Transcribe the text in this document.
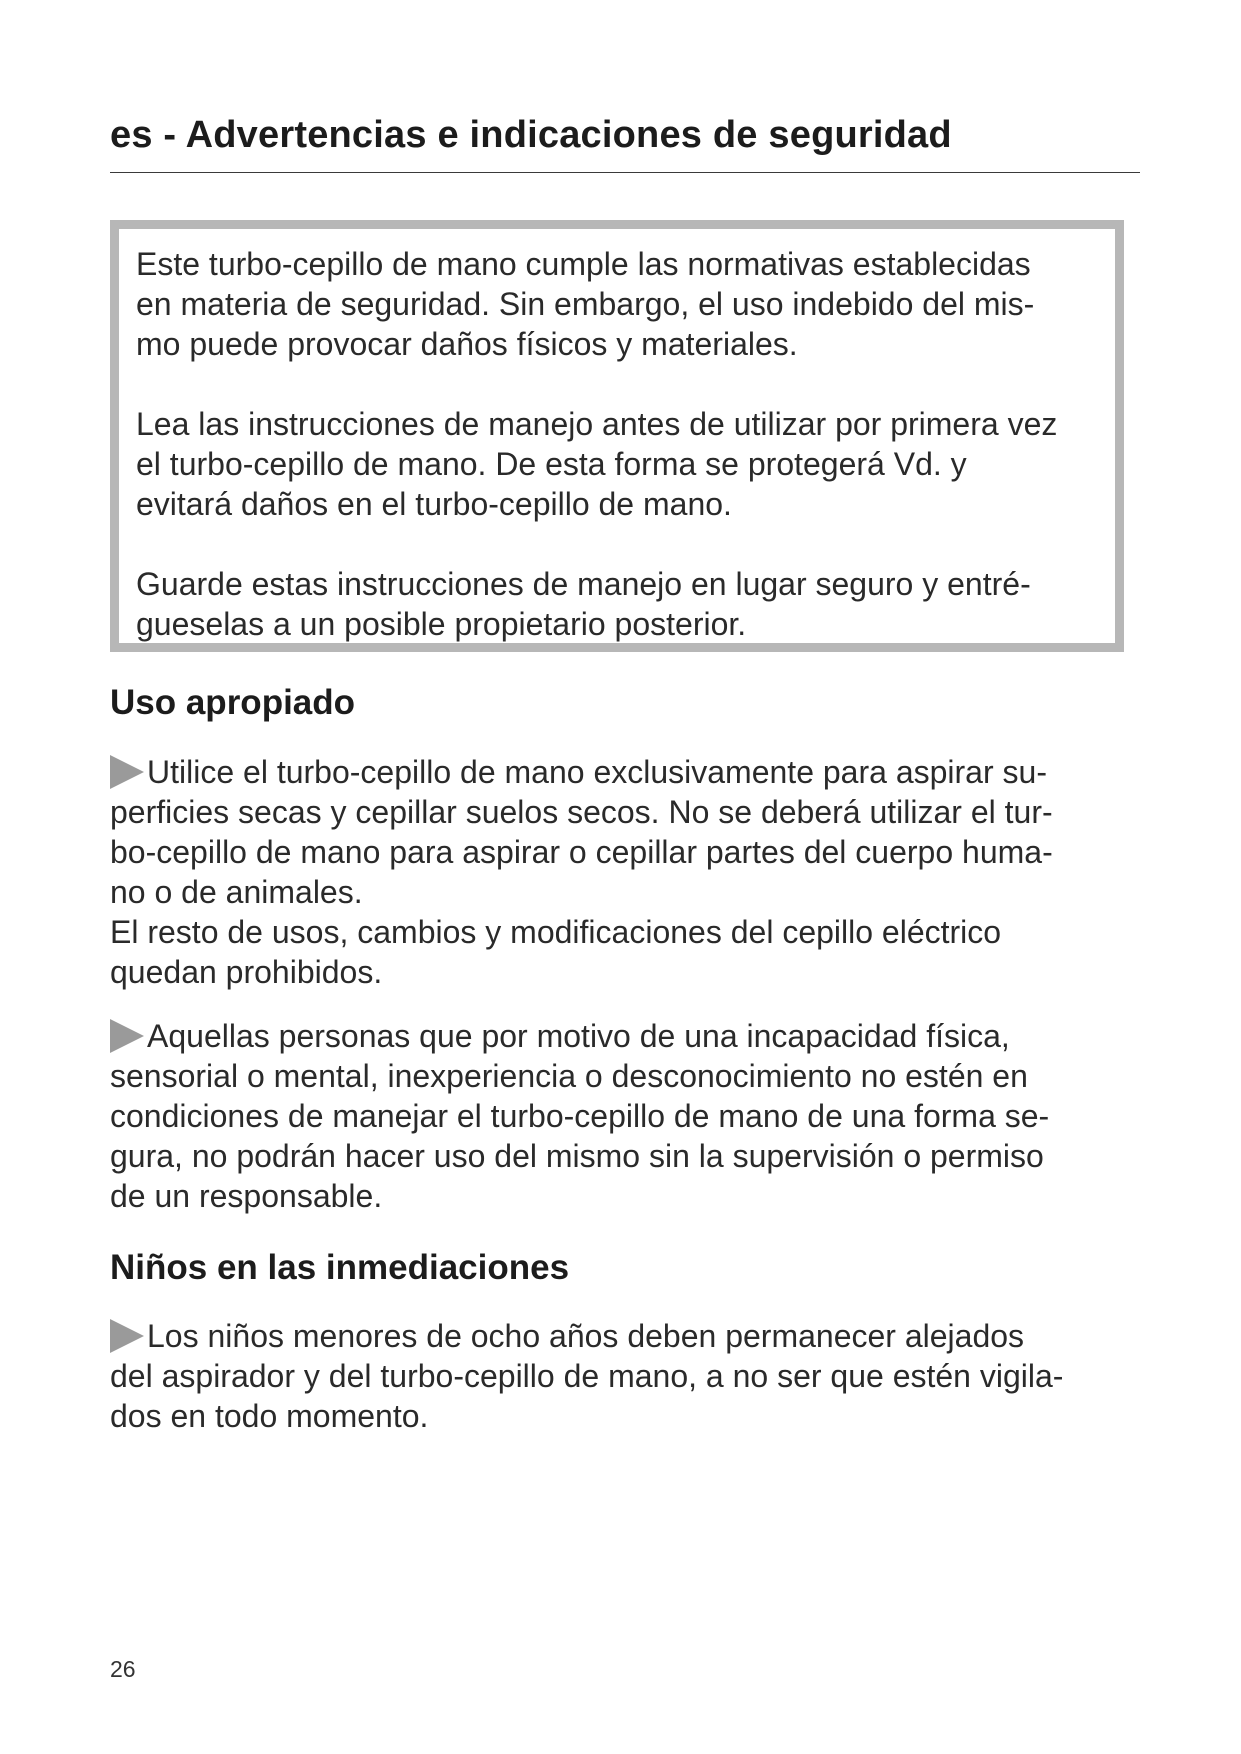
es - Advertencias e indicaciones de seguridad

Este turbo-cepillo de mano cumple las normativas establecidas
en materia de seguridad. Sin embargo, el uso indebido del mis-
mo puede provocar daños físicos y materiales.

Lea las instrucciones de manejo antes de utilizar por primera vez
el turbo-cepillo de mano. De esta forma se protegerá Vd. y
evitará daños en el turbo-cepillo de mano.

Guarde estas instrucciones de manejo en lugar seguro y entré-
gueselas a un posible propietario posterior.

Uso apropiado

Utilice el turbo-cepillo de mano exclusivamente para aspirar su-
perficies secas y cepillar suelos secos. No se deberá utilizar el tur-
bo-cepillo de mano para aspirar o cepillar partes del cuerpo huma-
no o de animales.
El resto de usos, cambios y modificaciones del cepillo eléctrico
quedan prohibidos.

Aquellas personas que por motivo de una incapacidad física,
sensorial o mental, inexperiencia o desconocimiento no estén en
condiciones de manejar el turbo-cepillo de mano de una forma se-
gura, no podrán hacer uso del mismo sin la supervisión o permiso
de un responsable.

Niños en las inmediaciones

Los niños menores de ocho años deben permanecer alejados
del aspirador y del turbo-cepillo de mano, a no ser que estén vigila-
dos en todo momento.

26
